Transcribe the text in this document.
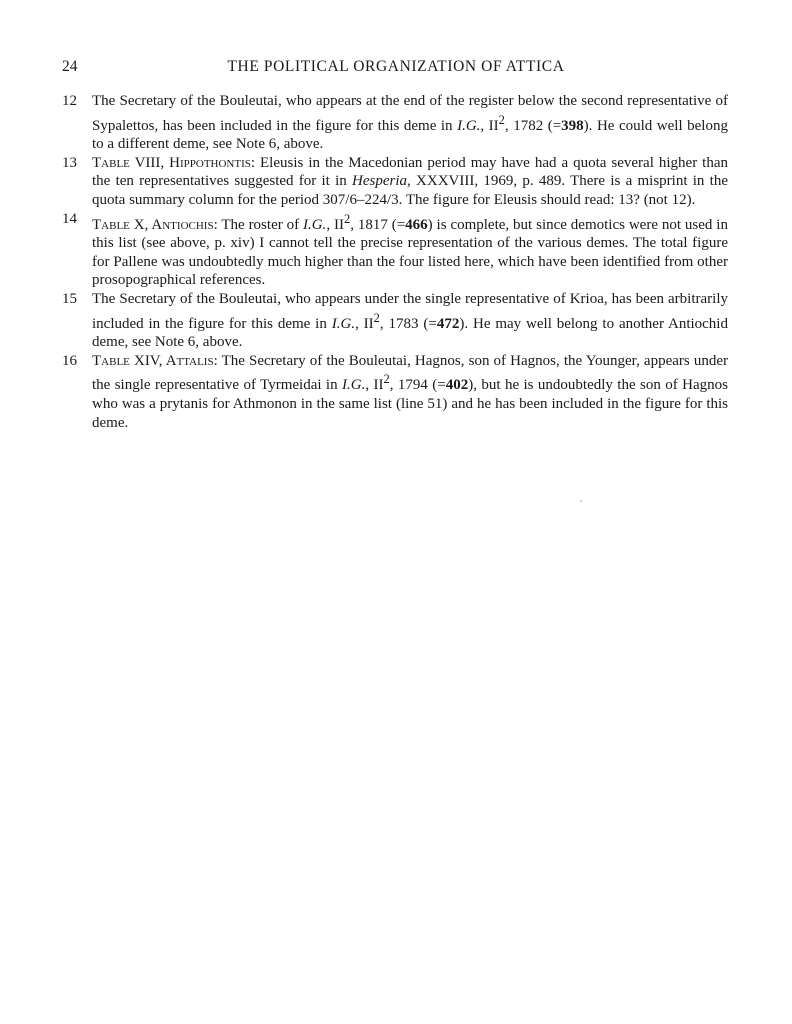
24	THE POLITICAL ORGANIZATION OF ATTICA
12	The Secretary of the Bouleutai, who appears at the end of the register below the second representative of Sypalettos, has been included in the figure for this deme in I.G., $II^2$, 1782 (=398). He could well belong to a different deme, see Note 6, above.
13	Table VIII, Hippothontis: Eleusis in the Macedonian period may have had a quota several higher than the ten representatives suggested for it in Hesperia, XXXVIII, 1969, p. 489. There is a misprint in the quota summary column for the period 307/6–224/3. The figure for Eleusis should read: 13? (not 12).
14	Table X, Antiochis: The roster of I.G., $II^2$, 1817 (=466) is complete, but since demotics were not used in this list (see above, p. xiv) I cannot tell the precise representation of the various demes. The total figure for Pallene was undoubtedly much higher than the four listed here, which have been identified from other prosopographical references.
15	The Secretary of the Bouleutai, who appears under the single representative of Krioa, has been arbitrarily included in the figure for this deme in I.G., $II^2$, 1783 (=472). He may well belong to another Antiochid deme, see Note 6, above.
16	Table XIV, Attalis: The Secretary of the Bouleutai, Hagnos, son of Hagnos, the Younger, appears under the single representative of Tyrmeidai in I.G., $II^2$, 1794 (=402), but he is undoubtedly the son of Hagnos who was a prytanis for Athmonon in the same list (line 51) and he has been included in the figure for this deme.
